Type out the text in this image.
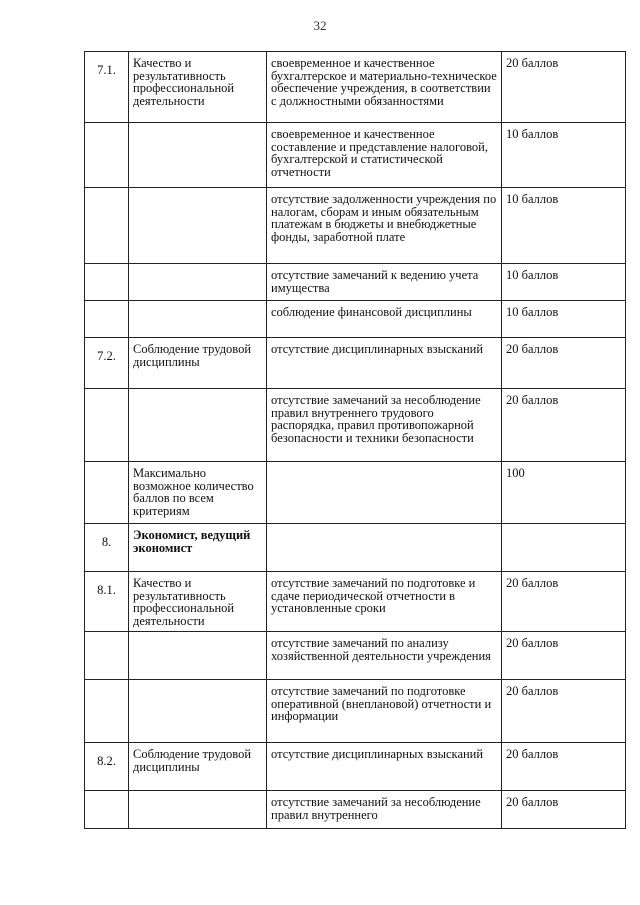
32
7.1.	Качество и результативность профессиональной деятельности	своевременное и качественное бухгалтерское и материально-техническое обеспечение учреждения, в соответствии с должностными обязанностями	20 баллов
		своевременное и качественное составление и представление налоговой, бухгалтерской и статистической отчетности	10 баллов
		отсутствие задолженности учреждения по налогам, сборам и иным обязательным платежам в бюджеты и внебюджетные фонды, заработной плате	10 баллов
		отсутствие замечаний к ведению учета имущества	10 баллов
		соблюдение финансовой дисциплины	10 баллов
7.2.	Соблюдение трудовой дисциплины	отсутствие дисциплинарных взысканий	20 баллов
		отсутствие замечаний за несоблюдение правил внутреннего трудового распорядка, правил противопожарной безопасности и техники безопасности	20 баллов
	Максимально возможное количество баллов по всем критериям		100
8.	Экономист, ведущий экономист		
8.1.	Качество и результативность профессиональной деятельности	отсутствие замечаний по подготовке и сдаче периодической отчетности в установленные сроки	20 баллов
		отсутствие замечаний по анализу хозяйственной деятельности учреждения	20 баллов
		отсутствие замечаний по подготовке оперативной (внеплановой) отчетности и информации	20 баллов
8.2.	Соблюдение трудовой дисциплины	отсутствие дисциплинарных взысканий	20 баллов
		отсутствие замечаний за несоблюдение правил внутреннего	20 баллов
